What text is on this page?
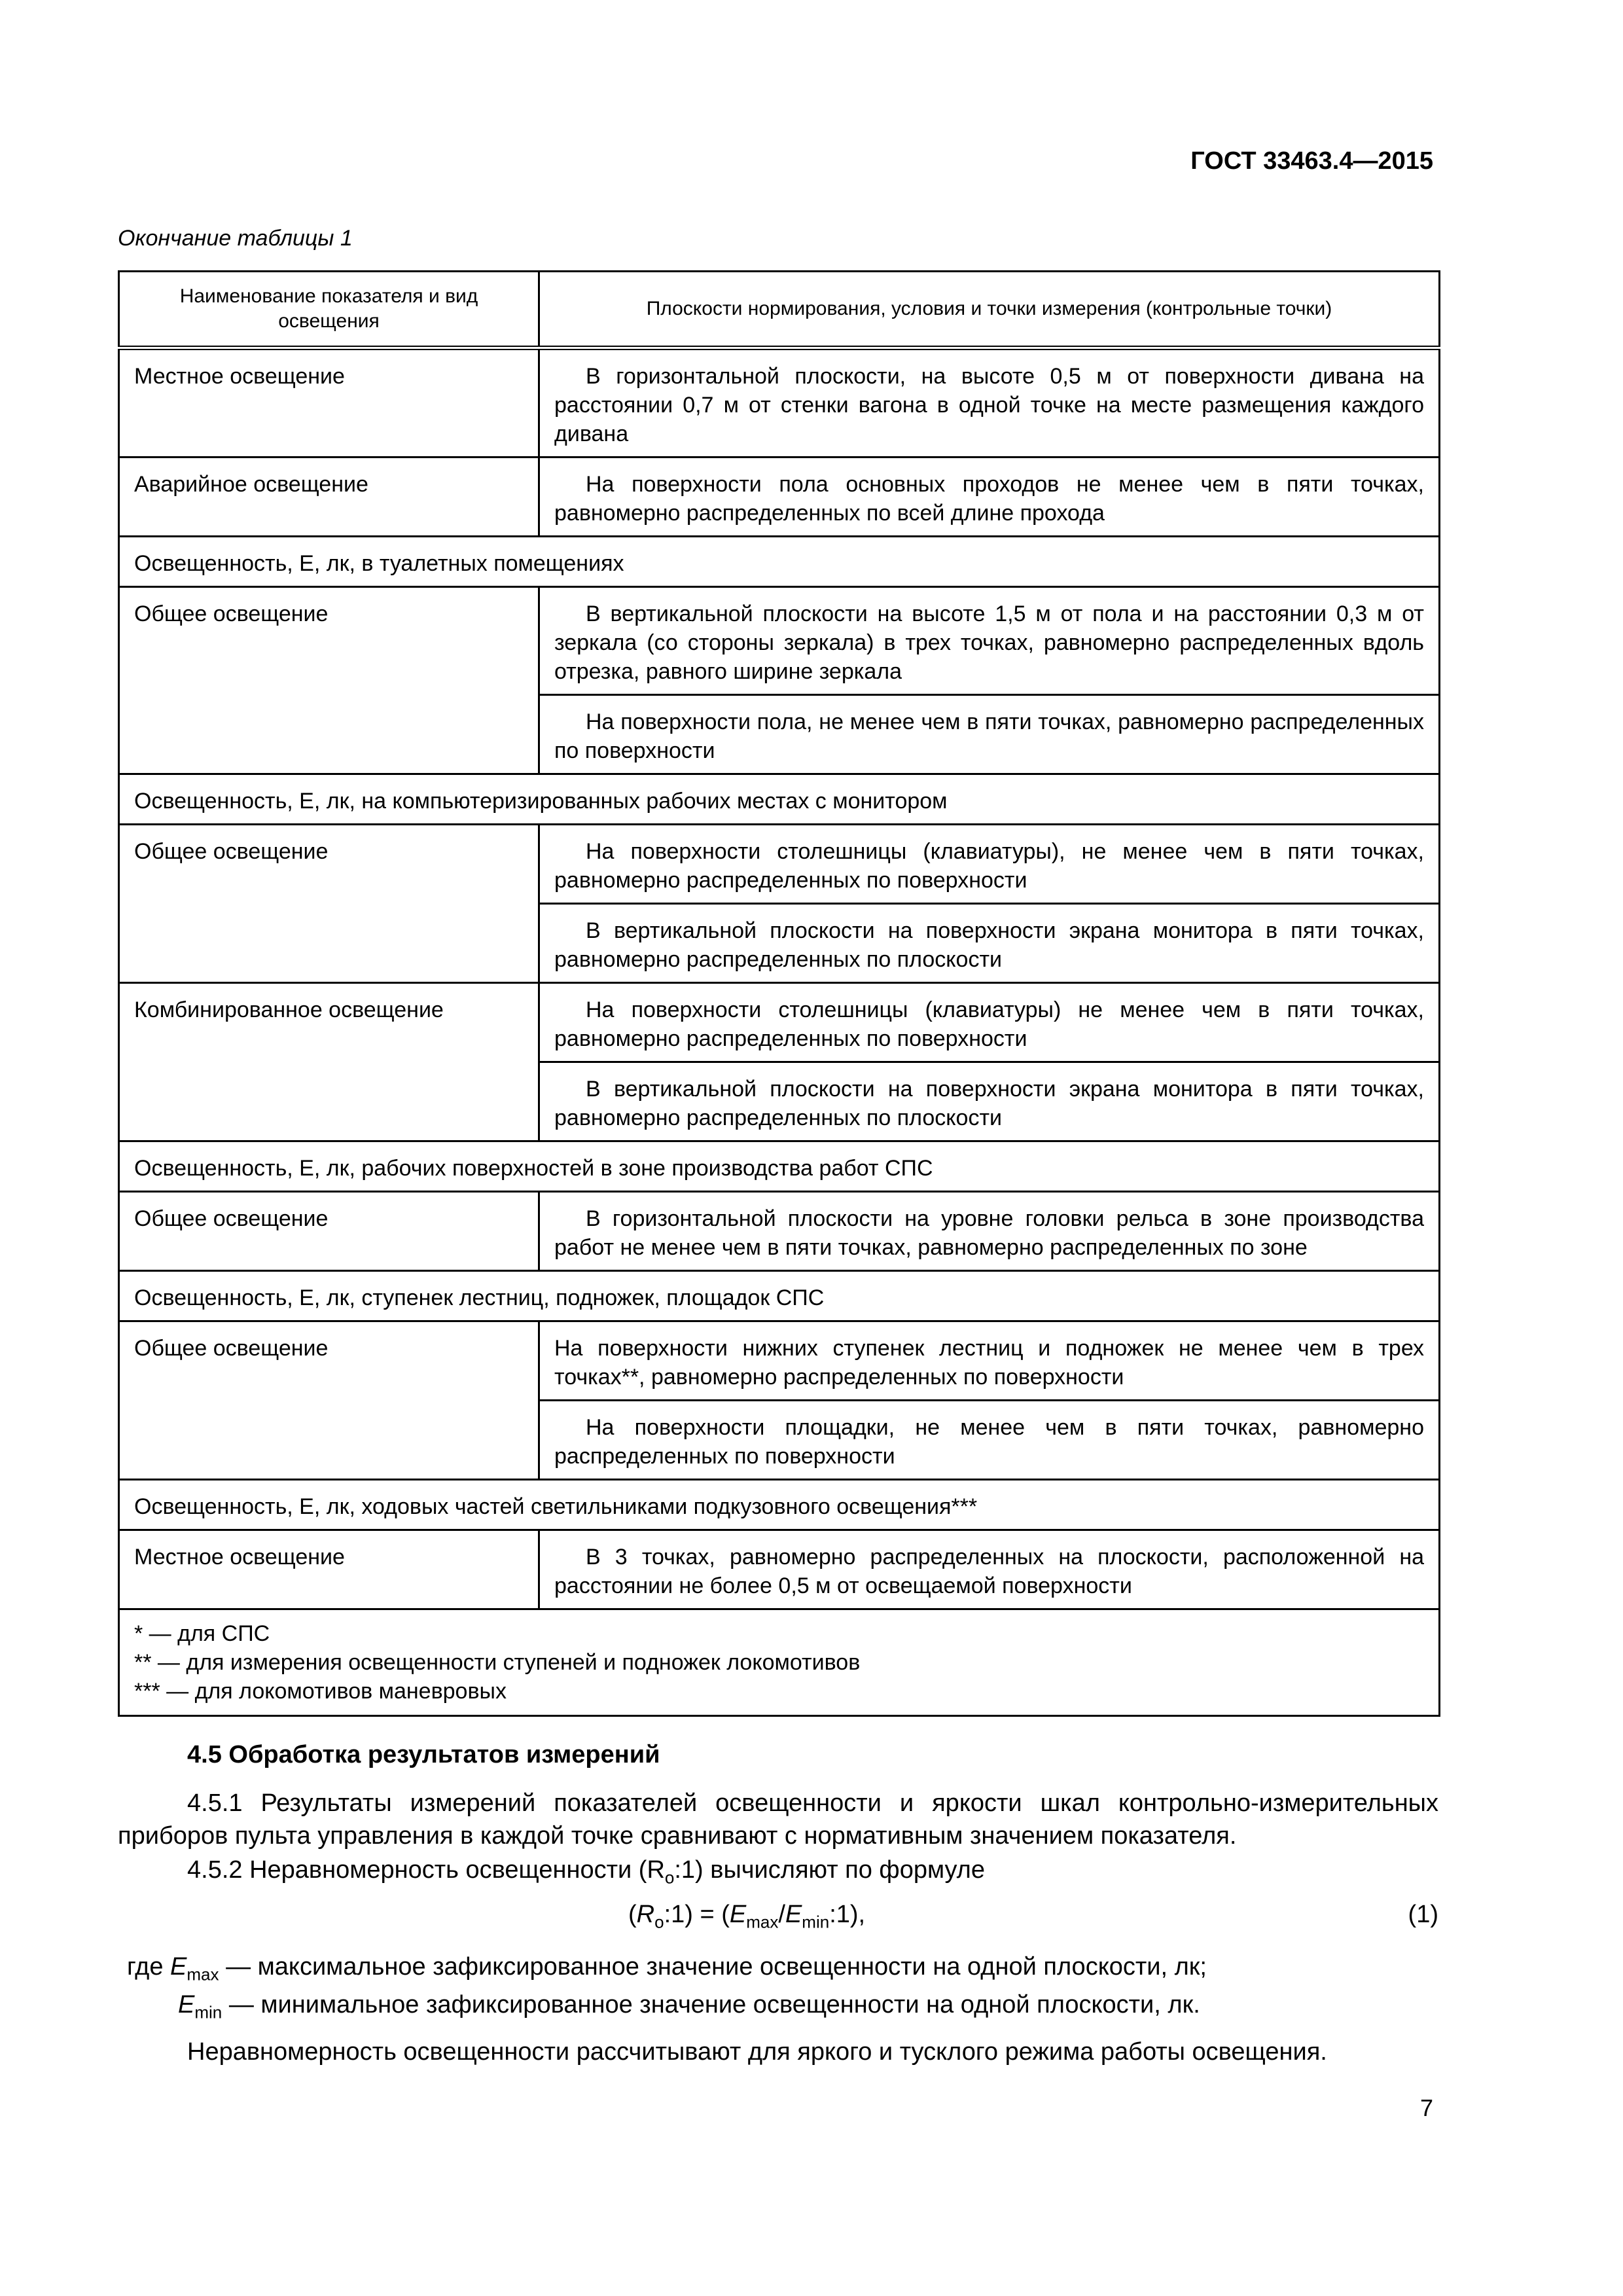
ГОСТ 33463.4—2015
Окончание таблицы 1
Наименование показателя и вид освещения	Плоскости нормирования, условия и точки измерения (контрольные точки)
Местное освещение	В горизонтальной плоскости, на высоте 0,5 м от поверхности дивана на расстоянии 0,7 м от стенки вагона в одной точке на месте размещения каждого дивана
Аварийное освещение	На поверхности пола основных проходов не менее чем в пяти точках, равномерно распределенных по всей длине прохода
Освещенность, Е, лк, в туалетных помещениях	
Общее освещение	В вертикальной плоскости на высоте 1,5 м от пола и на расстоянии 0,3 м от зеркала (со стороны зеркала) в трех точках, равномерно распределенных вдоль отрезка, равного ширине зеркала
	На поверхности пола, не менее чем в пяти точках, равномерно распределенных по поверхности
Освещенность, Е, лк, на компьютеризированных рабочих местах с монитором	
Общее освещение	На поверхности столешницы (клавиатуры), не менее чем в пяти точках, равномерно распределенных по поверхности
	В вертикальной плоскости на поверхности экрана монитора в пяти точках, равномерно распределенных по плоскости
Комбинированное освещение	На поверхности столешницы (клавиатуры) не менее чем в пяти точках, равномерно распределенных по поверхности
	В вертикальной плоскости на поверхности экрана монитора в пяти точках, равномерно распределенных по плоскости
Освещенность, Е, лк, рабочих поверхностей в зоне производства работ СПС	
Общее освещение	В горизонтальной плоскости на уровне головки рельса в зоне производства работ не менее чем в пяти точках, равномерно распределенных по зоне
Освещенность, Е, лк, ступенек лестниц, подножек, площадок СПС	
Общее освещение	На поверхности нижних ступенек лестниц и подножек не менее чем в трех точках**, равномерно распределенных по поверхности
	На поверхности площадки, не менее чем в пяти точках, равномерно распределенных по поверхности
Освещенность, Е, лк, ходовых частей светильниками подкузовного освещения***	
Местное освещение	В 3 точках, равномерно распределенных на плоскости, расположенной на расстоянии не более 0,5 м от освещаемой поверхности

* — для СПС
** — для измерения освещенности ступеней и подножек локомотивов
*** — для локомотивов маневровых	
4.5 Обработка результатов измерений
4.5.1 Результаты измерений показателей освещенности и яркости шкал контрольно-измерительных приборов пульта управления в каждой точке сравнивают с нормативным значением показателя.
4.5.2 Неравномерность освещенности $(R_o:1)$ вычисляют по формуле
$(R_o:1)$ = $(E_{max}/E_{min}:1)$,	(1)
где $E_{max}$ — максимальное зафиксированное значение освещенности на одной плоскости, лк;
$E_{min}$ — минимальное зафиксированное значение освещенности на одной плоскости, лк.
Неравномерность освещенности рассчитывают для яркого и тусклого режима работы освещения.
7
